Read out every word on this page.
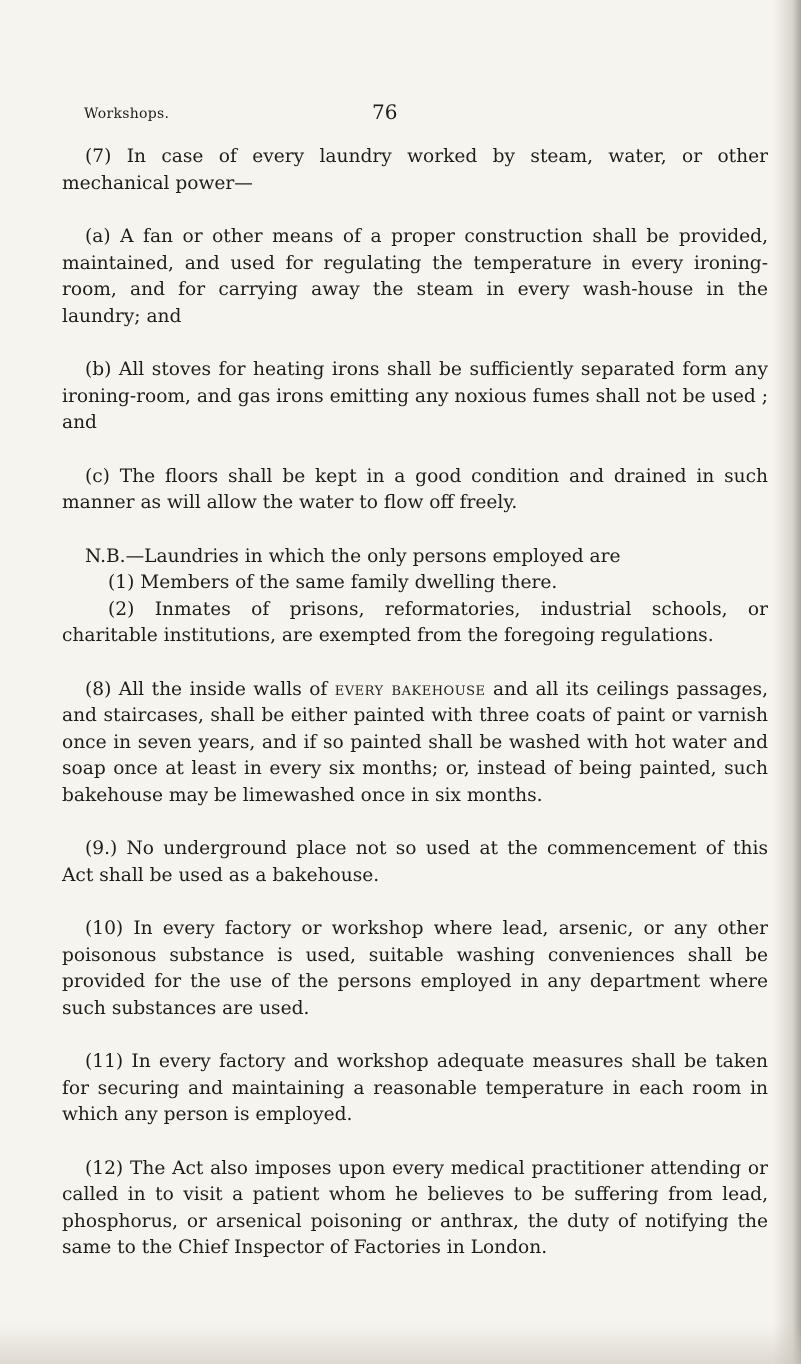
Workshops.	76

(7) In case of every laundry worked by steam, water, or other mechanical power—

(a) A fan or other means of a proper construction shall be provided, maintained, and used for regulating the temperature in every ironing-room, and for carrying away the steam in every wash-house in the laundry; and

(b) All stoves for heating irons shall be sufficiently separated form any ironing-room, and gas irons emitting any noxious fumes shall not be used ; and

(c) The floors shall be kept in a good condition and drained in such manner as will allow the water to flow off freely.

N.B.—Laundries in which the only persons employed are

(1) Members of the same family dwelling there.

(2) Inmates of prisons, reformatories, industrial schools, or charitable institutions, are exempted from the foregoing regulations.

(8) All the inside walls of every bakehouse and all its ceilings passages, and staircases, shall be either painted with three coats of paint or varnish once in seven years, and if so painted shall be washed with hot water and soap once at least in every six months; or, instead of being painted, such bakehouse may be limewashed once in six months.

(9.) No underground place not so used at the commencement of this Act shall be used as a bakehouse.

(10) In every factory or workshop where lead, arsenic, or any other poisonous substance is used, suitable washing conveniences shall be provided for the use of the persons employed in any department where such substances are used.

(11) In every factory and workshop adequate measures shall be taken for securing and maintaining a reasonable temperature in each room in which any person is employed.

(12) The Act also imposes upon every medical practitioner attending or called in to visit a patient whom he believes to be suffering from lead, phosphorus, or arsenical poisoning or anthrax, the duty of notifying the same to the Chief Inspector of Factories in London.
